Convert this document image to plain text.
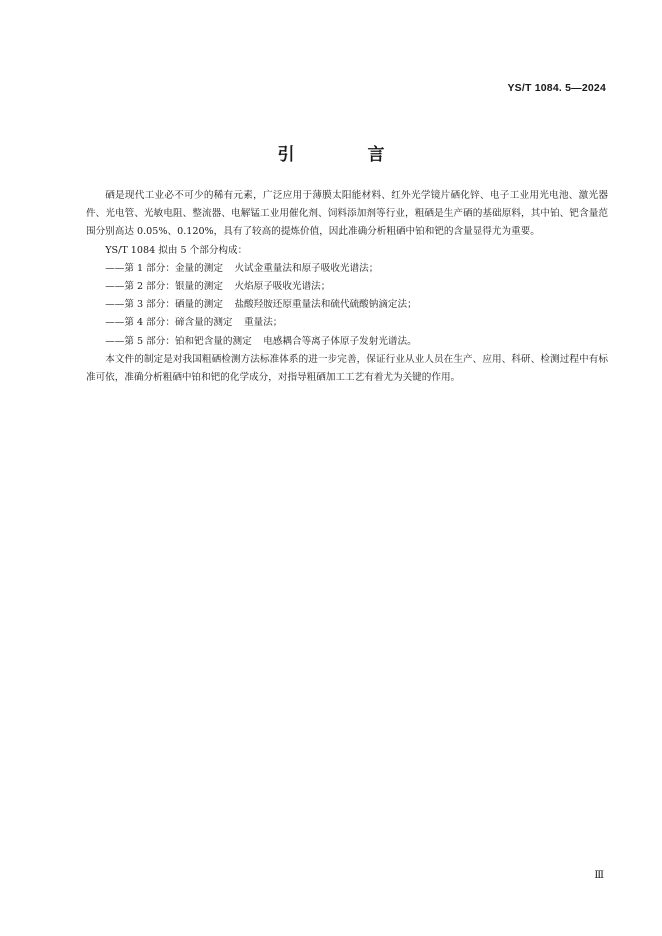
YS/T 1084. 5—2024
引　言

硒是现代工业必不可少的稀有元素，广泛应用于薄膜太阳能材料、红外光学镜片硒化锌、电子工业用光电池、激光器件、光电管、光敏电阻、整流器、电解锰工业用催化剂、饲料添加剂等行业，粗硒是生产硒的基础原料，其中铂、钯含量范围分别高达 0.05%、0.120%，具有了较高的提炼价值，因此准确分析粗硒中铂和钯的含量显得尤为重要。

YS/T 1084 拟由 5 个部分构成：

——第 1 部分：金量的测定 火试金重量法和原子吸收光谱法；
——第 2 部分：银量的测定 火焰原子吸收光谱法；
——第 3 部分：硒量的测定 盐酸羟胺还原重量法和硫代硫酸钠滴定法；
——第 4 部分：碲含量的测定 重量法；
——第 5 部分：铂和钯含量的测定 电感耦合等离子体原子发射光谱法。

本文件的制定是对我国粗硒检测方法标准体系的进一步完善，保证行业从业人员在生产、应用、科研、检测过程中有标准可依，准确分析粗硒中铂和钯的化学成分，对指导粗硒加工工艺有着尤为关键的作用。

Ⅲ
